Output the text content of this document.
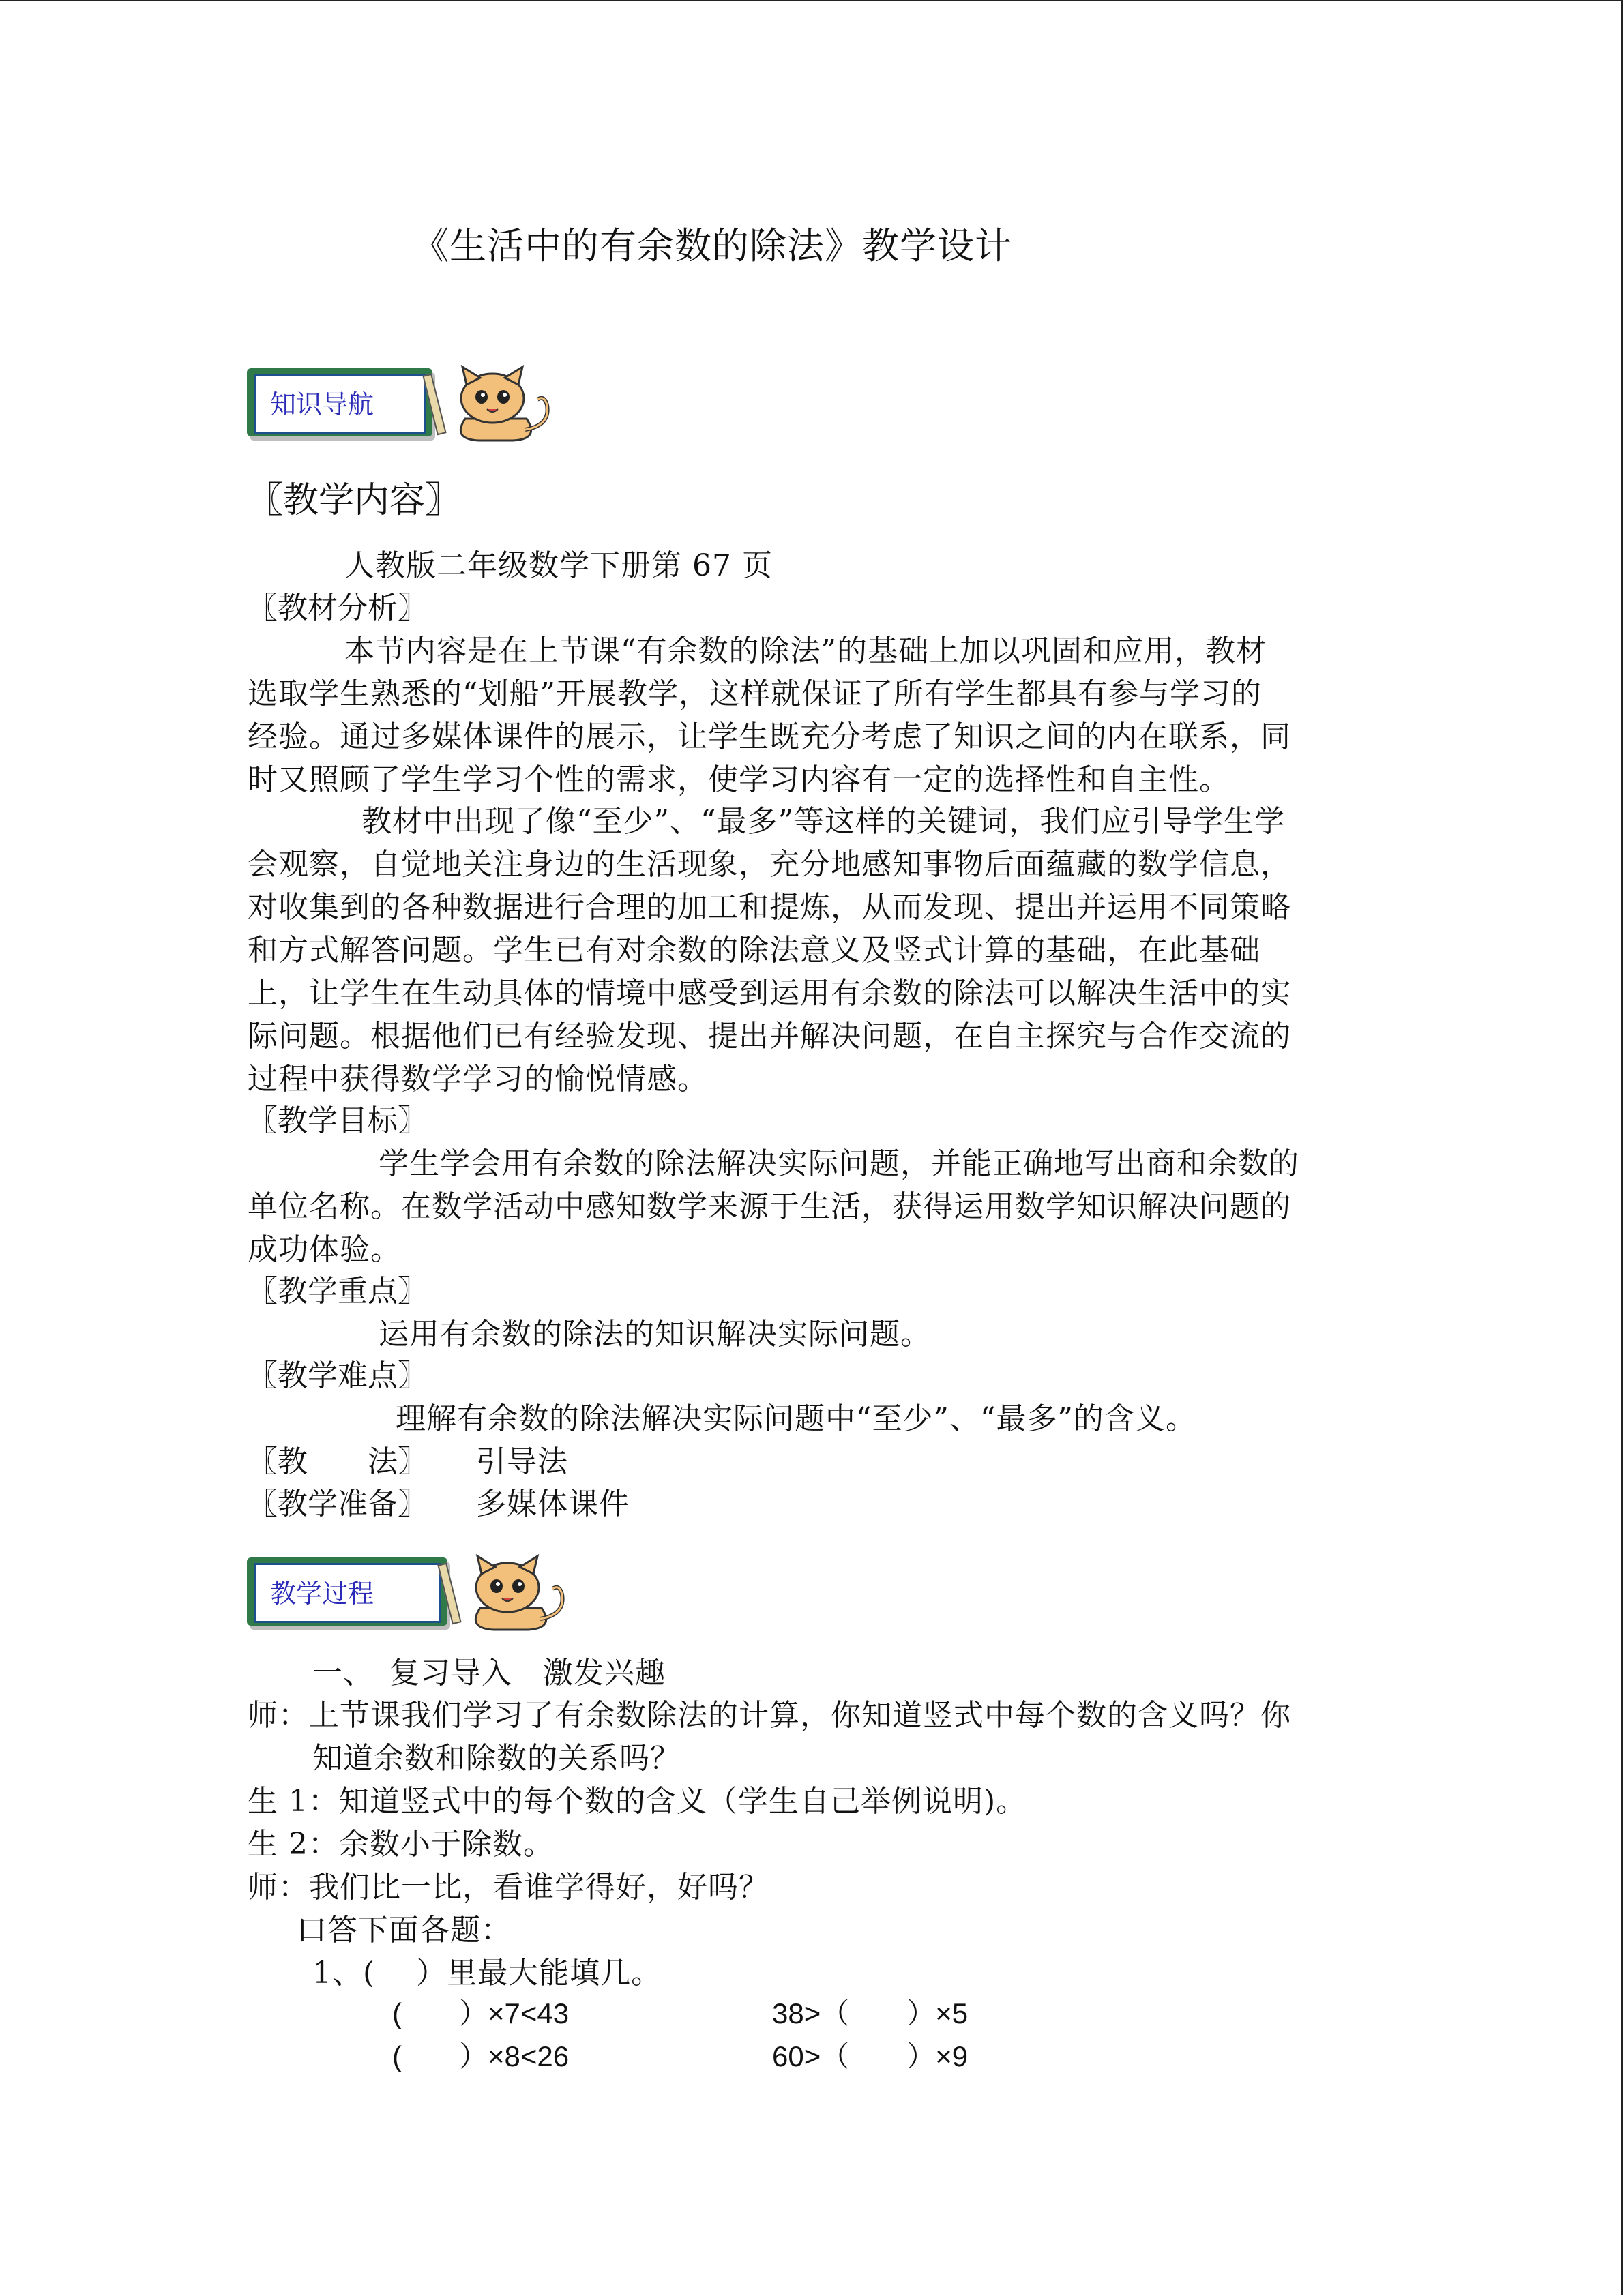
《生活中的有余数的除法》教学设计
知识导航
〖教学内容〗
人教版二年级数学下册第 67 页
〖教材分析〗
本节内容是在上节课“有余数的除法”的基础上加以巩固和应用，教材
选取学生熟悉的“划船”开展教学，这样就保证了所有学生都具有参与学习的
经验。通过多媒体课件的展示，让学生既充分考虑了知识之间的内在联系，同
时又照顾了学生学习个性的需求，使学习内容有一定的选择性和自主性。
教材中出现了像“至少”、“最多”等这样的关键词，我们应引导学生学
会观察，自觉地关注身边的生活现象，充分地感知事物后面蕴藏的数学信息，
对收集到的各种数据进行合理的加工和提炼，从而发现、提出并运用不同策略
和方式解答问题。学生已有对余数的除法意义及竖式计算的基础，在此基础
上，让学生在生动具体的情境中感受到运用有余数的除法可以解决生活中的实
际问题。根据他们已有经验发现、提出并解决问题，在自主探究与合作交流的
过程中获得数学学习的愉悦情感。
〖教学目标〗
学生学会用有余数的除法解决实际问题，并能正确地写出商和余数的
单位名称。在数学活动中感知数学来源于生活，获得运用数学知识解决问题的
成功体验。
〖教学重点〗
运用有余数的除法的知识解决实际问题。
〖教学难点〗
理解有余数的除法解决实际问题中“至少”、“最多”的含义。
〖教　　法〗 引导法
〖教学准备〗 多媒体课件
教学过程
一、　复习导入　激发兴趣
师：上节课我们学习了有余数除法的计算，你知道竖式中每个数的含义吗？你
知道余数和除数的关系吗？
生 1：知道竖式中的每个数的含义（学生自己举例说明)。
生 2：余数小于除数。
师：我们比一比，看谁学得好，好吗？
口答下面各题：
1、(　 ）里最大能填几。
(　　）×7<43	38>（　　）×5
(　　）×8<26	60>（　　）×9
